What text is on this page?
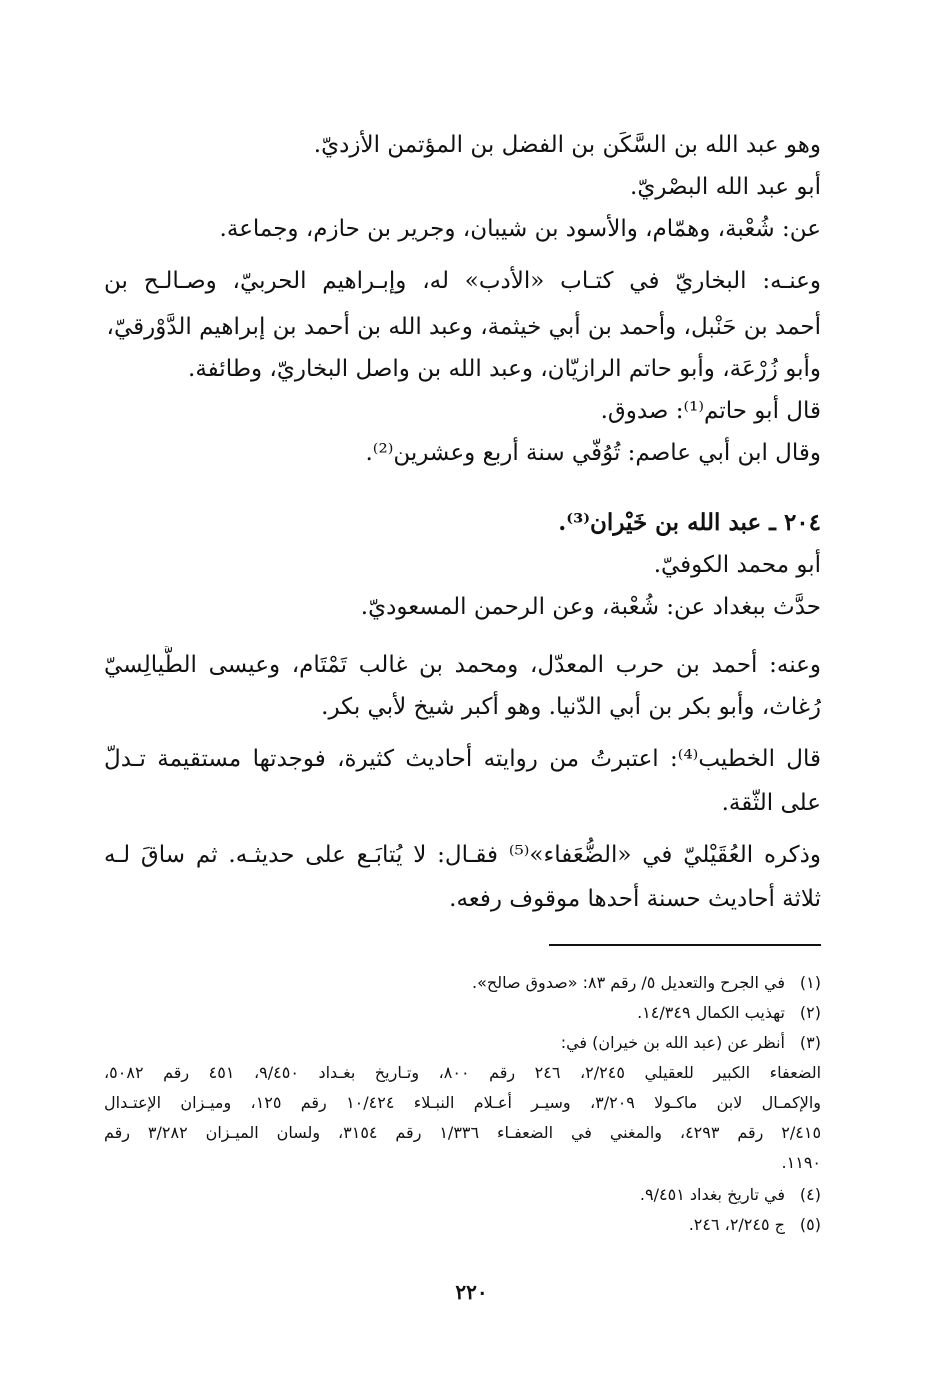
وهو عبد الله بن السَّكَن بن الفضل بن المؤتمن الأزديّ.
أبو عبد الله البصْريّ.
عن: شُعْبة، وهمّام، والأسود بن شيبان، وجرير بن حازم، وجماعة.
وعنـه: البخاريّ في كتـاب «الأدب» له، وإبـراهيم الحربيّ، وصـالـح بن
أحمد بن حَنْبل، وأحمد بن أبي خيثمة، وعبد الله بن أحمد بن إبراهيم الدَّوْرقيّ،
وأبو زُرْعَة، وأبو حاتم الرازيّان، وعبد الله بن واصل البخاريّ، وطائفة.
قال أبو حاتم⁽¹⁾: صدوق.
وقال ابن أبي عاصم: تُوُفّي سنة أربع وعشرين⁽²⁾.
٢٠٤ ـ عبد الله بن خَيْران⁽³⁾.
أبو محمد الكوفيّ.
حدَّث ببغداد عن: شُعْبة، وعن الرحمن المسعوديّ.
وعنه: أحمد بن حرب المعدّل، ومحمد بن غالب تَمْتَام، وعيسى الطَّيالِسيّ
رُغاث، وأبو بكر بن أبي الدّنيا. وهو أكبر شيخ لأبي بكر.
قال الخطيب⁽⁴⁾: اعتبرتُ من روايته أحاديث كثيرة، فوجدتها مستقيمة تـدلّ
على الثّقة.
وذكره العُقَيْليّ في «الضُّعَفاء»⁽⁵⁾ فقـال: لا يُتابَـع على حديثـه. ثم ساقَ لـه
ثلاثة أحاديث حسنة أحدها موقوف رفعه.
(١)في الجرح والتعديل ٥/ رقم ٨٣: «صدوق صالح».
(٢)تهذيب الكمال ١٤/٣٤٩.
(٣)أنظر عن (عبد الله بن خيران) في:
الضعفاء الكبير للعقيلي ٢/٢٤٥، ٢٤٦ رقم ٨٠٠، وتـاريخ بغـداد ٩/٤٥٠، ٤٥١ رقم ٥٠٨٢،
والإكمـال لابن ماكـولا ٣/٢٠٩، وسيـر أعـلام النبـلاء ١٠/٤٢٤ رقم ١٢٥، وميـزان الإعتـدال
٢/٤١٥ رقم ٤٢٩٣، والمغني في الضعفـاء ١/٣٣٦ رقم ٣١٥٤، ولسان الميـزان ٣/٢٨٢ رقم
١١٩٠.
(٤)في تاريخ بغداد ٩/٤٥١.
(٥)ج ٢/٢٤٥، ٢٤٦.
٢٢٠
